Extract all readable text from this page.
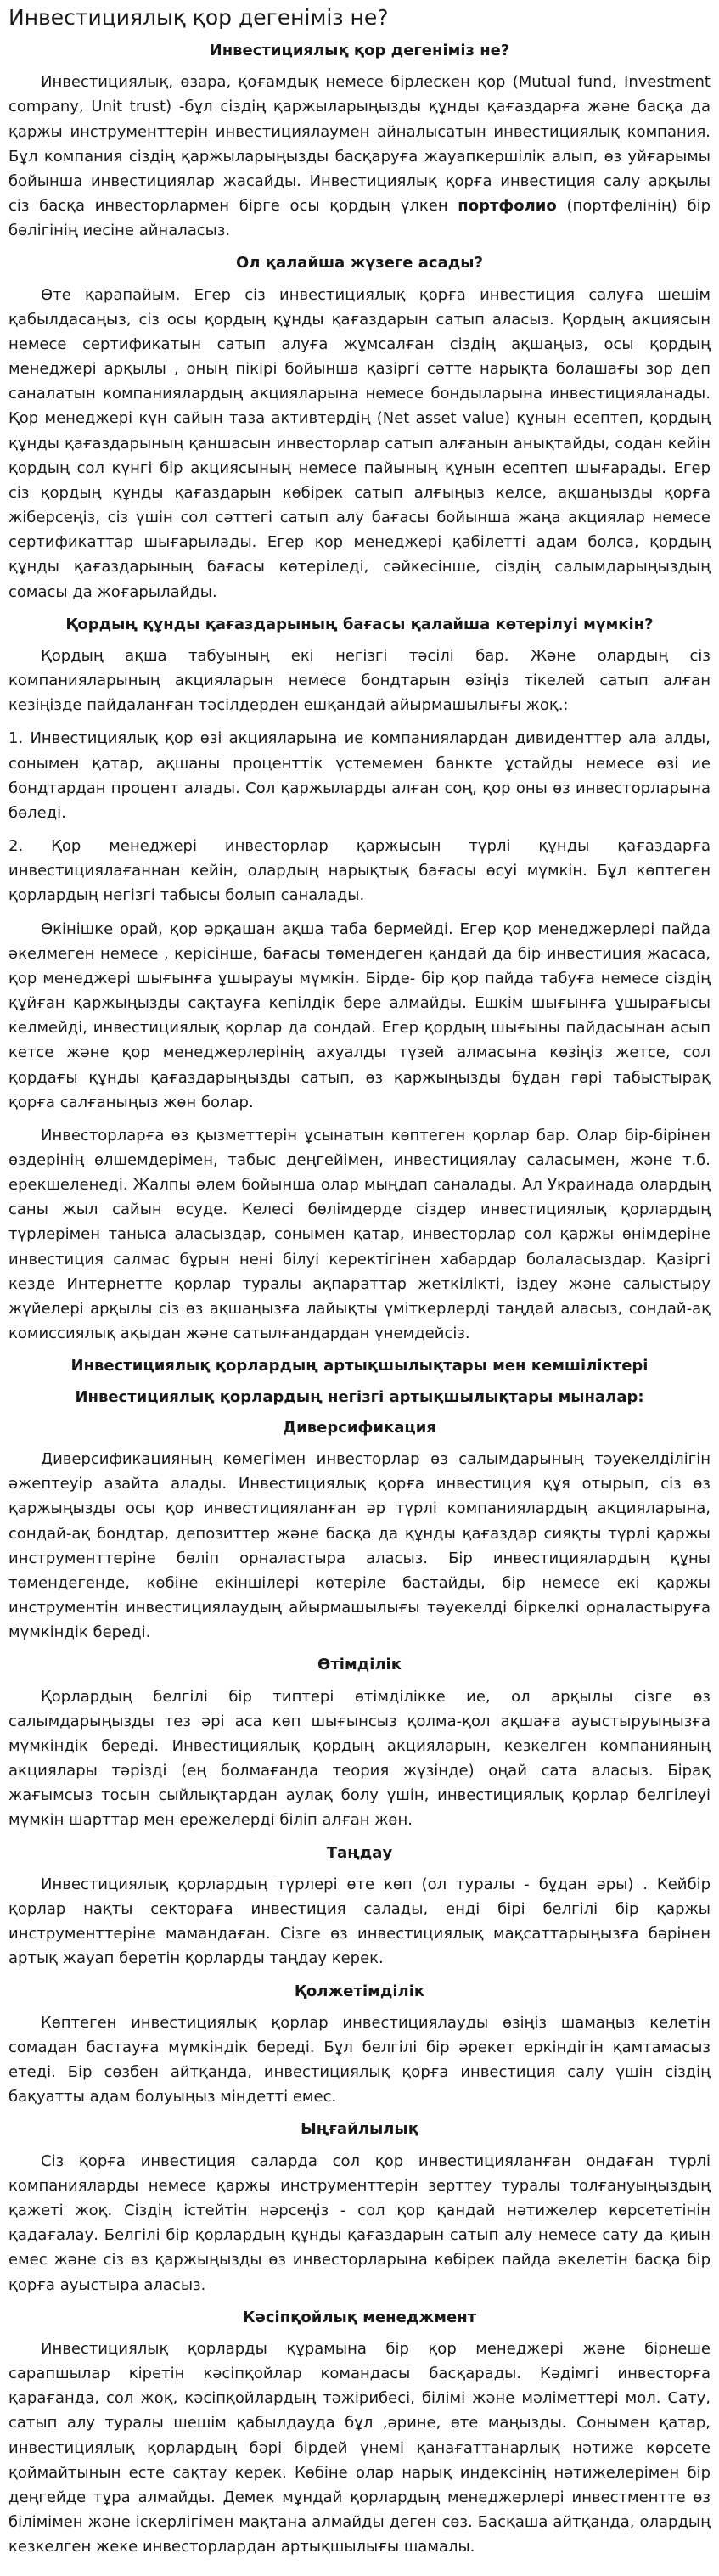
Инвестициялық қор дегеніміз не?
Инвестициялық қор дегеніміз не?

Инвестициялық, өзара, қоғамдық немесе бірлескен қор (Mutual fund, Investment company, Unit trust) -бұл сіздің қаржыларыңызды құнды қағаздарға және басқа да қаржы инструменттерін инвестициялаумен айналысатын инвестициялық компания. Бұл компания сіздің қаржыларыңызды басқаруға жауапкершілік алып, өз уйғарымы бойынша инвестициялар жасайды. Инвестициялық қорға инвестиция салу арқылы сіз басқа инвесторлармен бірге осы қордың үлкен портфолио (портфелінің) бір бөлігінің иесіне айналасыз.

Ол қалайша жүзеге асады?

Өте қарапайым. Егер сіз инвестициялық қорға инвестиция салуға шешім қабылдасаңыз, сіз осы қордың құнды қағаздарын сатып аласыз. Қордың акциясын немесе сертификатын сатып алуға жұмсалған сіздің ақшаңыз, осы қордың менеджері арқылы , оның пікірі бойынша қазіргі сәтте нарықта болашағы зор деп саналатын компаниялардың акцияларына немесе бондыларына инвестицияланады. Қор менеджері күн сайын таза активтердің (Net asset value) құнын есептеп, қордың құнды қағаздарының қаншасын инвесторлар сатып алғанын анықтайды, содан кейін қордың сол күнгі бір акциясының немесе пайының құнын есептеп шығарады. Егер сіз қордың құнды қағаздарын көбірек сатып алғыңыз келсе, ақшаңызды қорға жіберсеңіз, сіз үшін сол сәттегі сатып алу бағасы бойынша жаңа акциялар немесе сертификаттар шығарылады. Егер қор менеджері қабілетті адам болса, қордың құнды қағаздарының бағасы көтеріледі, сәйкесінше, сіздің салымдарыңыздың сомасы да жоғарылайды.

Қордың құнды қағаздарының бағасы қалайша көтерілуі мүмкін?

Қордың ақша табуының екі негізгі тәсілі бар. Және олардың сіз компанияларының акцияларын немесе бондтарын өзіңіз тікелей сатып алған кезіңізде пайдаланған тәсілдерден ешқандай айырмашылығы жоқ.:

1. Инвестициялық қор өзі акцияларына ие компаниялардан дивиденттер ала алды, сонымен қатар, ақшаны проценттік үстемемен банкте ұстайды немесе өзі ие бондтардан процент алады. Сол қаржыларды алған соң, қор оны өз инвесторларына бөледі.

2. Қор менеджері инвесторлар қаржысын түрлі құнды қағаздарға инвестициялағаннан кейін, олардың нарықтық бағасы өсуі мүмкін. Бұл көптеген қорлардың негізгі табысы болып саналады.

Өкінішке орай, қор әрқашан ақша таба бермейді. Егер қор менеджерлері пайда әкелмеген немесе , керісінше, бағасы төмендеген қандай да бір инвестиция жасаса, қор менеджері шығынға ұшырауы мүмкін. Бірде- бір қор пайда табуға немесе сіздің құйған қаржыңызды сақтауға кепілдік бере алмайды. Ешкім шығынға ұшырағысы келмейді, инвестициялық қорлар да сондай. Егер қордың шығыны пайдасынан асып кетсе және қор менеджерлерінің ахуалды түзей алмасына көзіңіз жетсе, сол қордағы құнды қағаздарыңызды сатып, өз қаржыңызды бұдан гөрі табыстырақ қорға салғаныңыз жөн болар.

Инвесторларға өз қызметтерін ұсынатын көптеген қорлар бар. Олар бір-бірінен өздерінің өлшемдерімен, табыс деңгейімен, инвестициялау саласымен, және т.б. ерекшеленеді. Жалпы әлем бойынша олар мыңдап саналады. Ал Украинада олардың саны жыл сайын өсуде. Келесі бөлімдерде сіздер инвестициялық қорлардың түрлерімен таныса аласыздар, сонымен қатар, инвесторлар сол қаржы өнімдеріне инвестиция салмас бұрын нені білуі керектігінен хабардар болаласыздар. Қазіргі кезде Интернетте қорлар туралы ақпараттар жеткілікті, іздеу және салыстыру жүйелері арқылы сіз өз ақшаңызға лайықты үміткерлерді таңдай аласыз, сондай-ақ комиссиялық ақыдан және сатылғандардан үнемдейсіз.

Инвестициялық қорлардың артықшылықтары мен кемшіліктері
Инвестициялық қорлардың негізгі артықшылықтары мыналар:
Диверсификация

Диверсификацияның көмегімен инвесторлар өз салымдарының тәуекелділігін әжептеуір азайта алады. Инвестициялық қорға инвестиция құя отырып, сіз өз қаржыңызды осы қор инвестицияланған әр түрлі компаниялардың акцияларына, сондай-ақ бондтар, депозиттер және басқа да құнды қағаздар сияқты түрлі қаржы инструменттеріне бөліп орналастыра аласыз. Бір инвестициялардың құны төмендегенде, көбіне екіншілері көтеріле бастайды, бір немесе екі қаржы инструментін инвестициялаудың айырмашылығы тәуекелді біркелкі орналастыруға мүмкіндік береді.

Өтімділік

Қорлардың белгілі бір типтері өтімділікке ие, ол арқылы сізге өз салымдарыңызды тез әрі аса көп шығынсыз қолма-қол ақшаға ауыстыруыңызға мүмкіндік береді. Инвестициялық қордың акцияларын, кезкелген компанияның акциялары тәрізді (ең болмағанда теория жүзінде) оңай сата аласыз. Бірақ жағымсыз тосын сыйлықтардан аулақ болу үшін, инвестициялық қорлар белгілеуі мүмкін шарттар мен ережелерді біліп алған жөн.

Таңдау

Инвестициялық қорлардың түрлері өте көп (ол туралы - бұдан әры) . Кейбір қорлар нақты сектораға инвестиция салады, енді бірі белгілі бір қаржы инструменттеріне мамандаған. Сізге өз инвестициялық мақсаттарыңызға бәрінен артық жауап беретін қорларды таңдау керек.

Қолжетімділік

Көптеген инвестициялық қорлар инвестициялауды өзіңіз шамаңыз келетін сомадан бастауға мүмкіндік береді. Бұл белгілі бір әрекет еркіндігін қамтамасыз етеді. Бір сөзбен айтқанда, инвестициялық қорға инвестиция салу үшін сіздің бақуатты адам болуыңыз міндетті емес.

Ыңғайлылық

Сіз қорға инвестиция саларда сол қор инвестицияланған ондаған түрлі компанияларды немесе қаржы инструменттерін зерттеу туралы толғануыңыздың қажеті жоқ. Сіздің істейтін нәрсеңіз - сол қор қандай нәтижелер көрсететінін қадағалау. Белгілі бір қорлардың құнды қағаздарын сатып алу немесе сату да қиын емес және сіз өз қаржыңызды өз инвесторларына көбірек пайда әкелетін басқа бір қорға ауыстыра аласыз.

Кәсіпқойлық менеджмент

Инвестициялық қорларды құрамына бір қор менеджері және бірнеше сарапшылар кіретін кәсіпқойлар командасы басқарады. Кәдімгі инвесторға қарағанда, сол жоқ, кәсіпқойлардың тәжірибесі, білімі және мәліметтері мол. Сату, сатып алу туралы шешім қабылдауда бұл ,әрине, өте маңызды. Сонымен қатар, инвестициялық қорлардың бәрі бірдей үнемі қанағаттанарлық нәтиже көрсете қоймайтынын есте сақтау керек. Көбіне олар нарық индексінің нәтижелерімен бір деңгейде тұра алмайды. Демек мұндай қорлардың менеджерлері инвестментте өз білімімен және іскерлігімен мақтана алмайды деген сөз. Басқаша айтқанда, олардың кезкелген жеке инвесторлардан артықшылығы шамалы.
